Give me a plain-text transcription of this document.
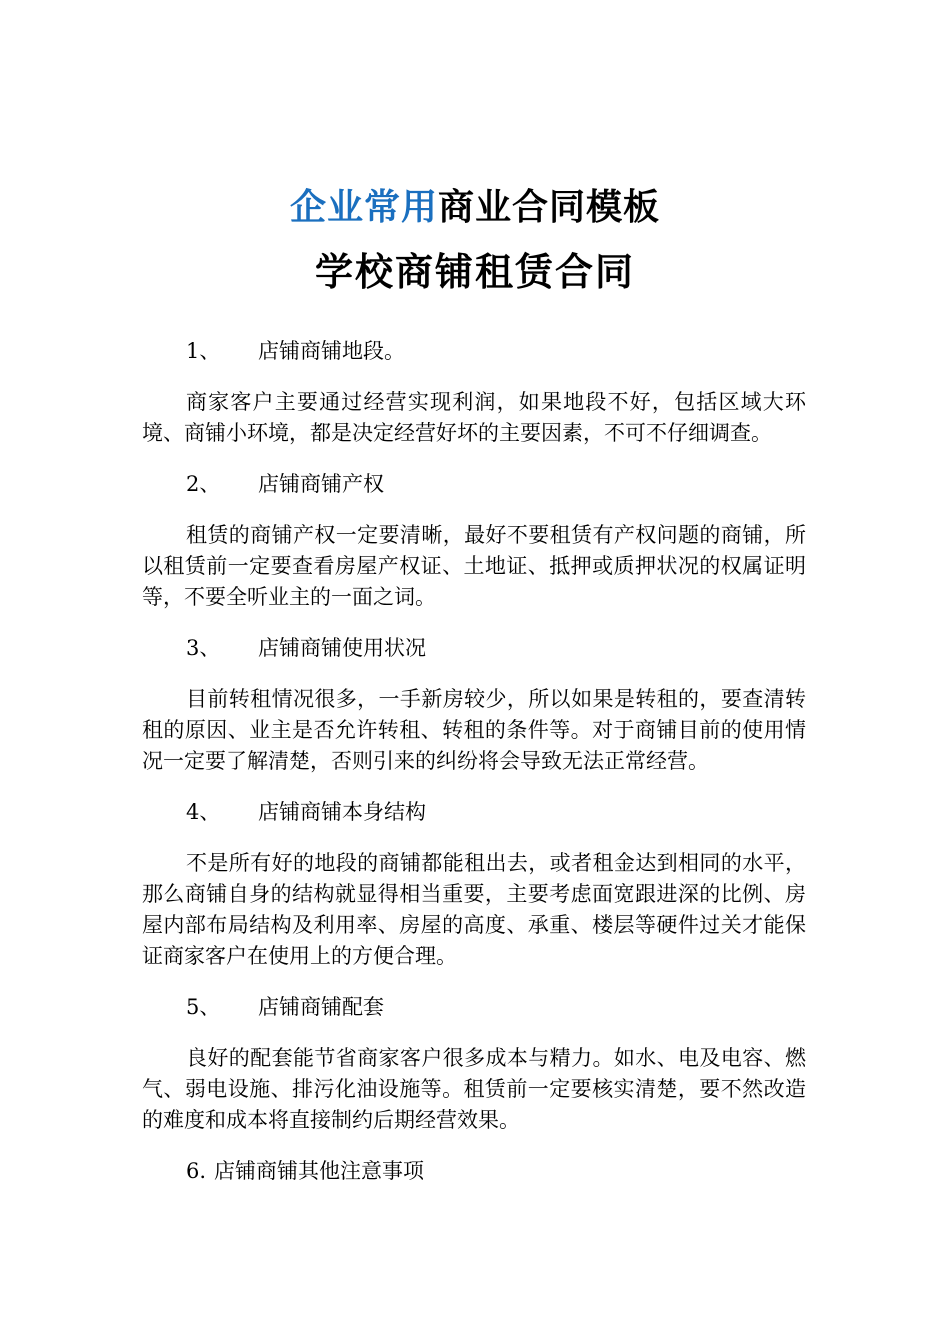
企业常用商业合同模板
学校商铺租赁合同

1、 店铺商铺地段。

商家客户主要通过经营实现利润，如果地段不好，包括区域大环境、商铺小环境，都是决定经营好坏的主要因素，不可不仔细调查。

2、 店铺商铺产权

租赁的商铺产权一定要清晰，最好不要租赁有产权问题的商铺，所以租赁前一定要查看房屋产权证、土地证、抵押或质押状况的权属证明等，不要全听业主的一面之词。

3、 店铺商铺使用状况

目前转租情况很多，一手新房较少，所以如果是转租的，要查清转租的原因、业主是否允许转租、转租的条件等。对于商铺目前的使用情况一定要了解清楚，否则引来的纠纷将会导致无法正常经营。

4、 店铺商铺本身结构

不是所有好的地段的商铺都能租出去，或者租金达到相同的水平，那么商铺自身的结构就显得相当重要，主要考虑面宽跟进深的比例、房屋内部布局结构及利用率、房屋的高度、承重、楼层等硬件过关才能保证商家客户在使用上的方便合理。

5、 店铺商铺配套

良好的配套能节省商家客户很多成本与精力。如水、电及电容、燃气、弱电设施、排污化油设施等。租赁前一定要核实清楚，要不然改造的难度和成本将直接制约后期经营效果。

6. 店铺商铺其他注意事项
